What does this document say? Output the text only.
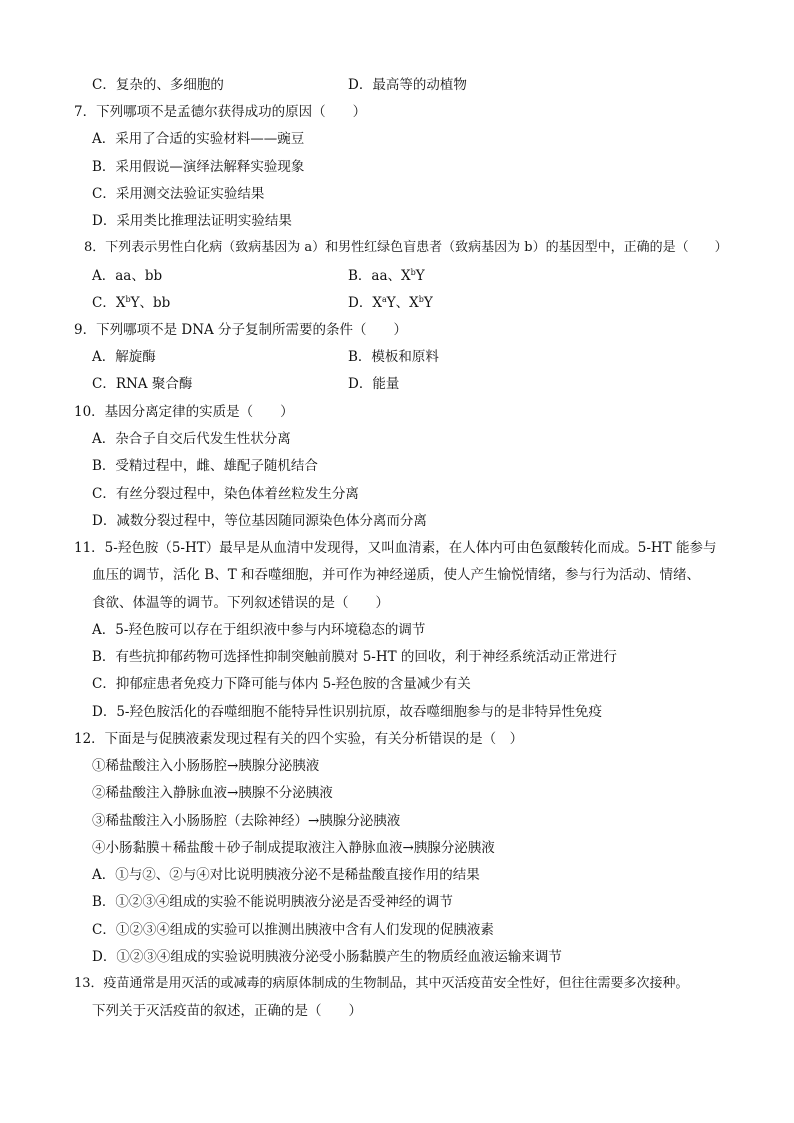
C．复杂的、多细胞的	D．最高等的动植物
7．下列哪项不是孟德尔获得成功的原因（　　）
A．采用了合适的实验材料——豌豆
B．采用假说—演绎法解释实验现象
C．采用测交法验证实验结果
D．采用类比推理法证明实验结果
8．下列表示男性白化病（致病基因为 a）和男性红绿色盲患者（致病基因为 b）的基因型中，正确的是（　　）
A．aa、bb	B．aa、$X^bY$
C．$X^bY$、bb	D．$X^aY$、$X^bY$
9．下列哪项不是 DNA 分子复制所需要的条件（　　）
A．解旋酶	B．模板和原料
C．RNA 聚合酶	D．能量
10．基因分离定律的实质是（　　）
A．杂合子自交后代发生性状分离
B．受精过程中，雌、雄配子随机结合
C．有丝分裂过程中，染色体着丝粒发生分离
D．减数分裂过程中，等位基因随同源染色体分离而分离
11．5-羟色胺（5-HT）最早是从血清中发现得，又叫血清素，在人体内可由色氨酸转化而成。5-HT 能参与
血压的调节，活化 B、T 和吞噬细胞，并可作为神经递质，使人产生愉悦情绪，参与行为活动、情绪、
食欲、体温等的调节。下列叙述错误的是（　　）
A．5-羟色胺可以存在于组织液中参与内环境稳态的调节
B．有些抗抑郁药物可选择性抑制突触前膜对 5-HT 的回收，利于神经系统活动正常进行
C．抑郁症患者免疫力下降可能与体内 5-羟色胺的含量减少有关
D．5-羟色胺活化的吞噬细胞不能特异性识别抗原，故吞噬细胞参与的是非特异性免疫
12．下面是与促胰液素发现过程有关的四个实验，有关分析错误的是（　）
①稀盐酸注入小肠肠腔→胰腺分泌胰液
②稀盐酸注入静脉血液→胰腺不分泌胰液
③稀盐酸注入小肠肠腔（去除神经）→胰腺分泌胰液
④小肠黏膜＋稀盐酸＋砂子制成提取液注入静脉血液→胰腺分泌胰液
A．①与②、②与④对比说明胰液分泌不是稀盐酸直接作用的结果
B．①②③④组成的实验不能说明胰液分泌是否受神经的调节
C．①②③④组成的实验可以推测出胰液中含有人们发现的促胰液素
D．①②③④组成的实验说明胰液分泌受小肠黏膜产生的物质经血液运输来调节
13．疫苗通常是用灭活的或减毒的病原体制成的生物制品，其中灭活疫苗安全性好，但往往需要多次接种。
下列关于灭活疫苗的叙述，正确的是（　　）
